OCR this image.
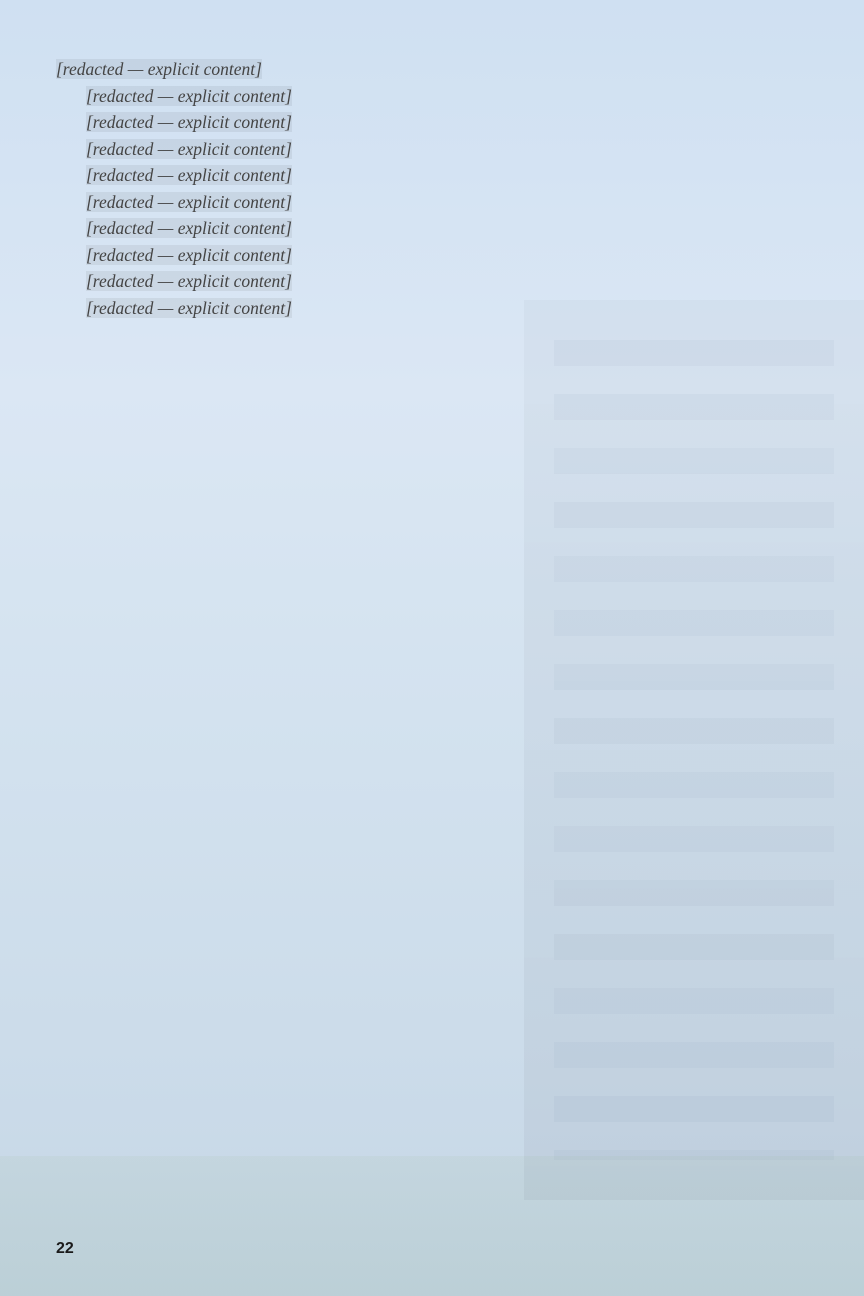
[redacted — explicit content]

[redacted — explicit content]

[redacted — explicit content]

[redacted — explicit content]

[redacted — explicit content]

[redacted — explicit content]

[redacted — explicit content]

[redacted — explicit content]

[redacted — explicit content]

[redacted — explicit content]

22
